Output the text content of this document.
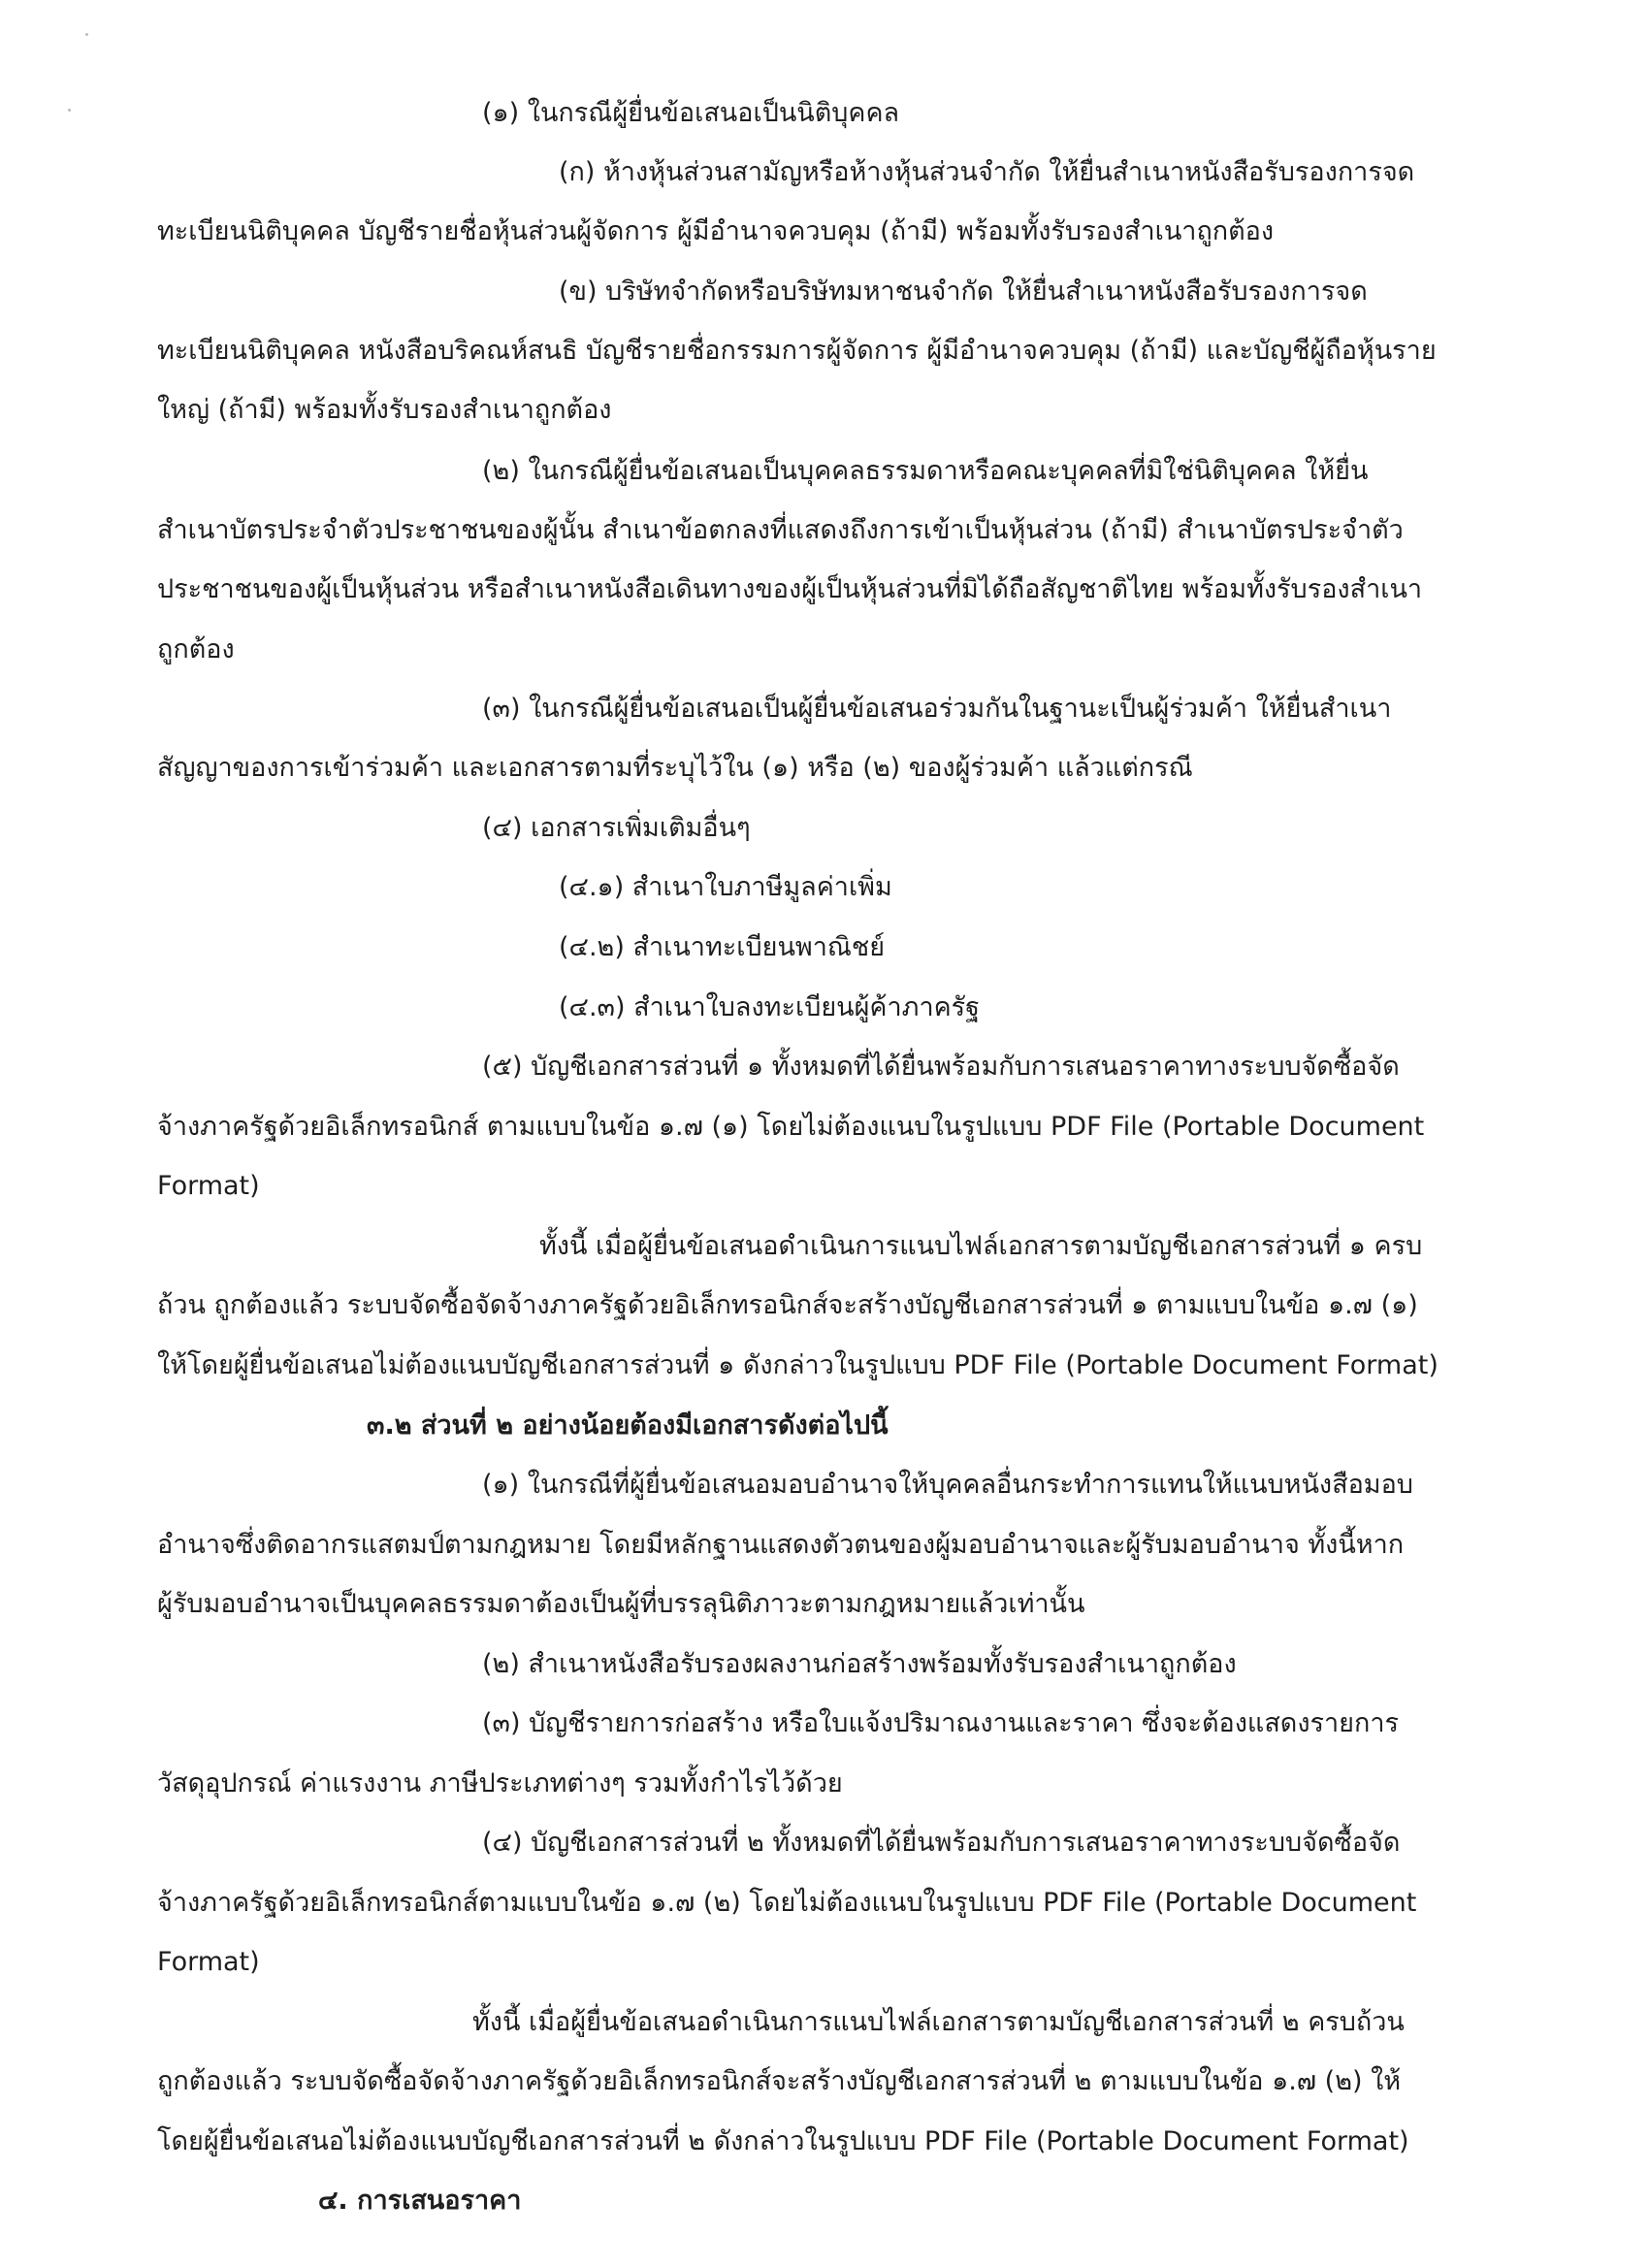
(๑) ในกรณีผู้ยื่นข้อเสนอเป็นนิติบุคคล
(ก) ห้างหุ้นส่วนสามัญหรือห้างหุ้นส่วนจำกัด ให้ยื่นสำเนาหนังสือรับรองการจด
ทะเบียนนิติบุคคล บัญชีรายชื่อหุ้นส่วนผู้จัดการ ผู้มีอำนาจควบคุม (ถ้ามี) พร้อมทั้งรับรองสำเนาถูกต้อง
(ข) บริษัทจำกัดหรือบริษัทมหาชนจำกัด ให้ยื่นสำเนาหนังสือรับรองการจด
ทะเบียนนิติบุคคล หนังสือบริคณห์สนธิ บัญชีรายชื่อกรรมการผู้จัดการ ผู้มีอำนาจควบคุม (ถ้ามี) และบัญชีผู้ถือหุ้นราย
ใหญ่ (ถ้ามี) พร้อมทั้งรับรองสำเนาถูกต้อง
(๒) ในกรณีผู้ยื่นข้อเสนอเป็นบุคคลธรรมดาหรือคณะบุคคลที่มิใช่นิติบุคคล ให้ยื่น
สำเนาบัตรประจำตัวประชาชนของผู้นั้น สำเนาข้อตกลงที่แสดงถึงการเข้าเป็นหุ้นส่วน (ถ้ามี) สำเนาบัตรประจำตัว
ประชาชนของผู้เป็นหุ้นส่วน หรือสำเนาหนังสือเดินทางของผู้เป็นหุ้นส่วนที่มิได้ถือสัญชาติไทย พร้อมทั้งรับรองสำเนา
ถูกต้อง
(๓) ในกรณีผู้ยื่นข้อเสนอเป็นผู้ยื่นข้อเสนอร่วมกันในฐานะเป็นผู้ร่วมค้า ให้ยื่นสำเนา
สัญญาของการเข้าร่วมค้า และเอกสารตามที่ระบุไว้ใน (๑) หรือ (๒) ของผู้ร่วมค้า แล้วแต่กรณี
(๔) เอกสารเพิ่มเติมอื่นๆ
(๔.๑) สำเนาใบภาษีมูลค่าเพิ่ม
(๔.๒) สำเนาทะเบียนพาณิชย์
(๔.๓) สำเนาใบลงทะเบียนผู้ค้าภาครัฐ
(๕) บัญชีเอกสารส่วนที่ ๑ ทั้งหมดที่ได้ยื่นพร้อมกับการเสนอราคาทางระบบจัดซื้อจัด
จ้างภาครัฐด้วยอิเล็กทรอนิกส์ ตามแบบในข้อ ๑.๗ (๑) โดยไม่ต้องแนบในรูปแบบ PDF File (Portable Document
Format)
ทั้งนี้ เมื่อผู้ยื่นข้อเสนอดำเนินการแนบไฟล์เอกสารตามบัญชีเอกสารส่วนที่ ๑ ครบ
ถ้วน ถูกต้องแล้ว ระบบจัดซื้อจัดจ้างภาครัฐด้วยอิเล็กทรอนิกส์จะสร้างบัญชีเอกสารส่วนที่ ๑ ตามแบบในข้อ ๑.๗ (๑)
ให้โดยผู้ยื่นข้อเสนอไม่ต้องแนบบัญชีเอกสารส่วนที่ ๑ ดังกล่าวในรูปแบบ PDF File (Portable Document Format)
๓.๒ ส่วนที่ ๒ อย่างน้อยต้องมีเอกสารดังต่อไปนี้
(๑) ในกรณีที่ผู้ยื่นข้อเสนอมอบอำนาจให้บุคคลอื่นกระทำการแทนให้แนบหนังสือมอบ
อำนาจซึ่งติดอากรแสตมป์ตามกฎหมาย โดยมีหลักฐานแสดงตัวตนของผู้มอบอำนาจและผู้รับมอบอำนาจ ทั้งนี้หาก
ผู้รับมอบอำนาจเป็นบุคคลธรรมดาต้องเป็นผู้ที่บรรลุนิติภาวะตามกฎหมายแล้วเท่านั้น
(๒) สำเนาหนังสือรับรองผลงานก่อสร้างพร้อมทั้งรับรองสำเนาถูกต้อง
(๓) บัญชีรายการก่อสร้าง หรือใบแจ้งปริมาณงานและราคา ซึ่งจะต้องแสดงรายการ
วัสดุอุปกรณ์ ค่าแรงงาน ภาษีประเภทต่างๆ รวมทั้งกำไรไว้ด้วย
(๔) บัญชีเอกสารส่วนที่ ๒ ทั้งหมดที่ได้ยื่นพร้อมกับการเสนอราคาทางระบบจัดซื้อจัด
จ้างภาครัฐด้วยอิเล็กทรอนิกส์ตามแบบในข้อ ๑.๗ (๒) โดยไม่ต้องแนบในรูปแบบ PDF File (Portable Document
Format)
ทั้งนี้ เมื่อผู้ยื่นข้อเสนอดำเนินการแนบไฟล์เอกสารตามบัญชีเอกสารส่วนที่ ๒ ครบถ้วน
ถูกต้องแล้ว ระบบจัดซื้อจัดจ้างภาครัฐด้วยอิเล็กทรอนิกส์จะสร้างบัญชีเอกสารส่วนที่ ๒ ตามแบบในข้อ ๑.๗ (๒) ให้
โดยผู้ยื่นข้อเสนอไม่ต้องแนบบัญชีเอกสารส่วนที่ ๒ ดังกล่าวในรูปแบบ PDF File (Portable Document Format)
๔. การเสนอราคา
